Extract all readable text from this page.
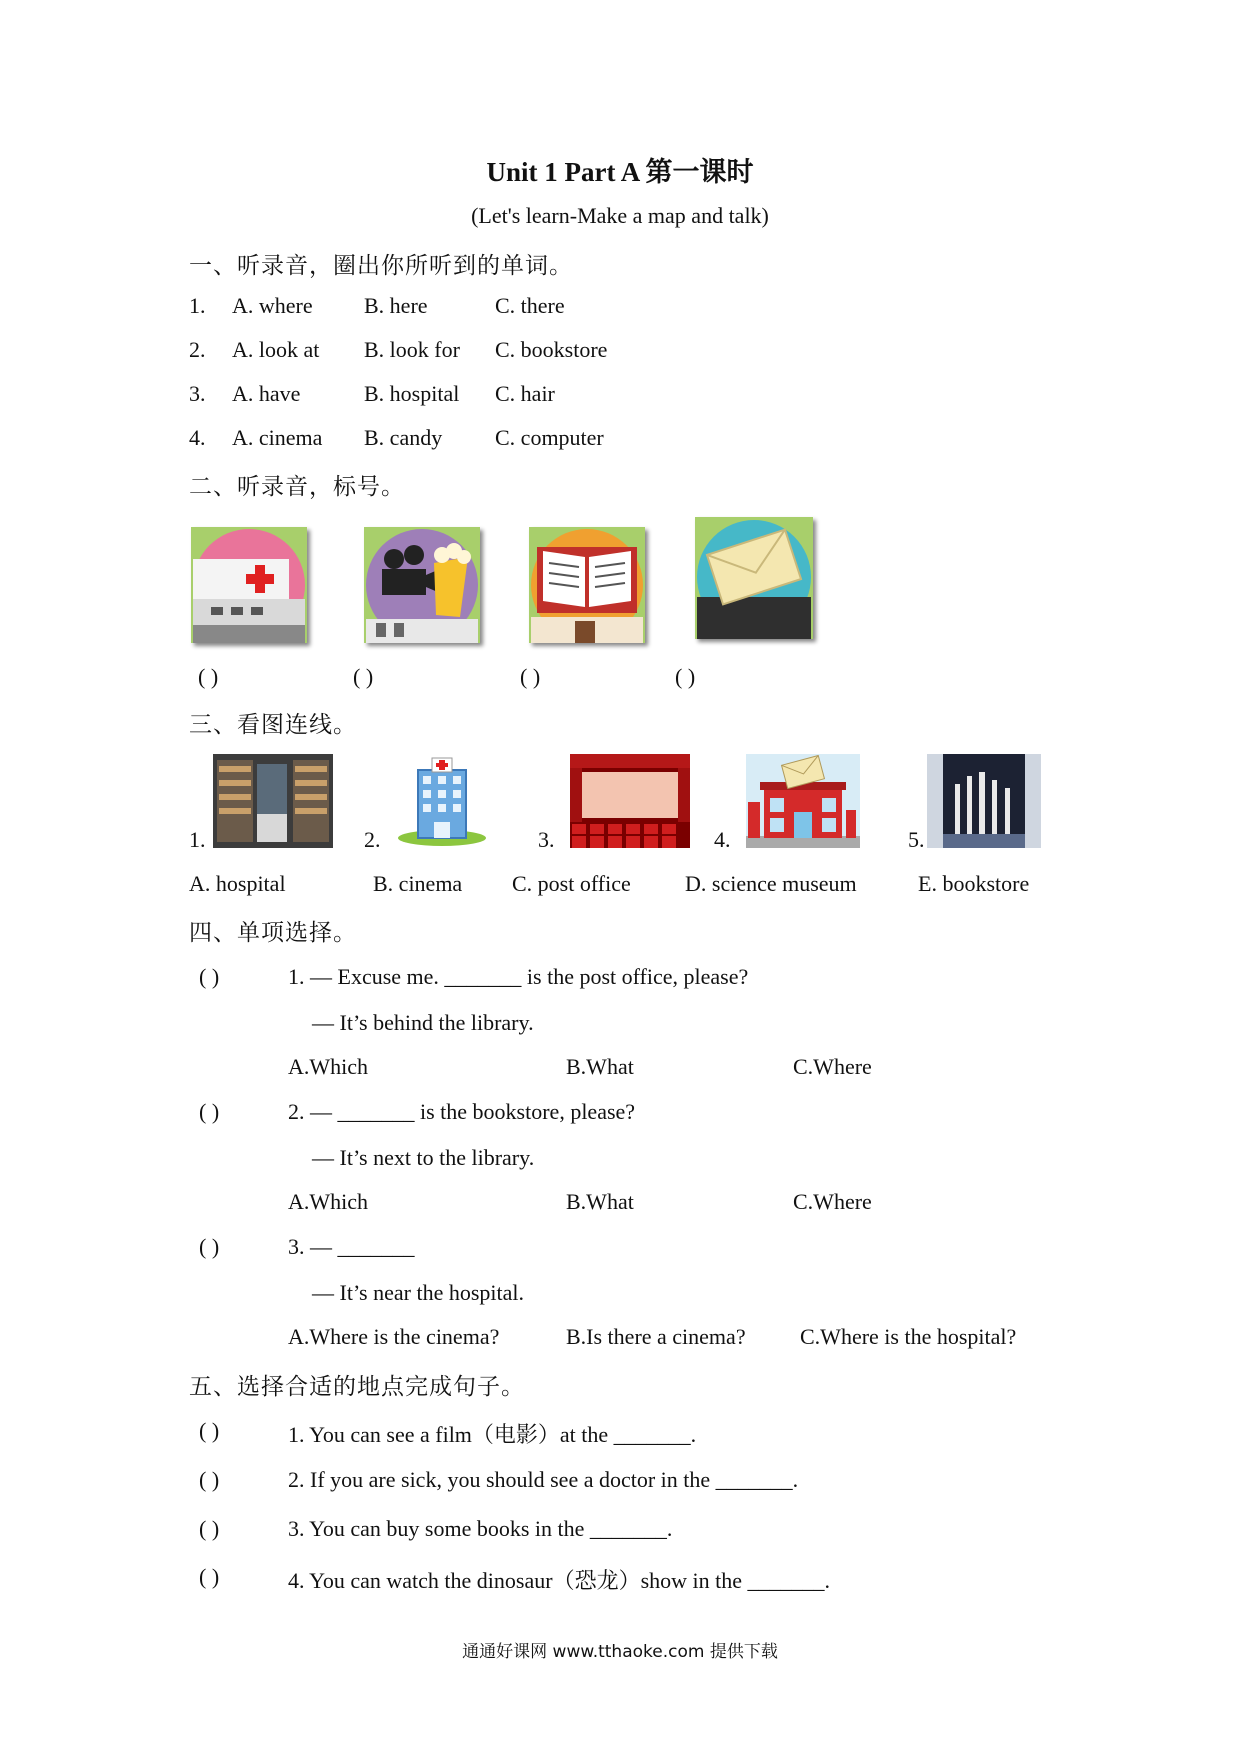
Unit 1 Part A 第一课时
(Let's learn-Make a map and talk)
一、听录音，圈出你所听到的单词。
1. A. where B. here	C. there
2. A. look at B. look for C. bookstore
3. A. have	B. hospital C. hair
4. A. cinema B. candy C. computer
二、听录音，标号。
( )	( )	( )	( )
三、看图连线。
1.	2.	3.	4.	5.
A. hospital	B. cinema C. post office D. science museum	E. bookstore
四、单项选择。
( )	1. — Excuse me. _______ is the post office, please?
— It’s behind the library.
A.Which	B.What	C.Where
( )	2. — _______ is the bookstore, please?
— It’s next to the library.
A.Which	B.What	C.Where
( )	3. — _______
— It’s near the hospital.
A.Where is the cinema?	B.Is there a cinema? C.Where is the hospital?
五、选择合适的地点完成句子。
( )	1. You can see a film（电影）at the _______.
( )	2. If you are sick, you should see a doctor in the _______.
( )	3. You can buy some books in the _______.
( )	4. You can watch the dinosaur（恐龙）show in the _______.
通通好课网 www.tthaoke.com 提供下载
